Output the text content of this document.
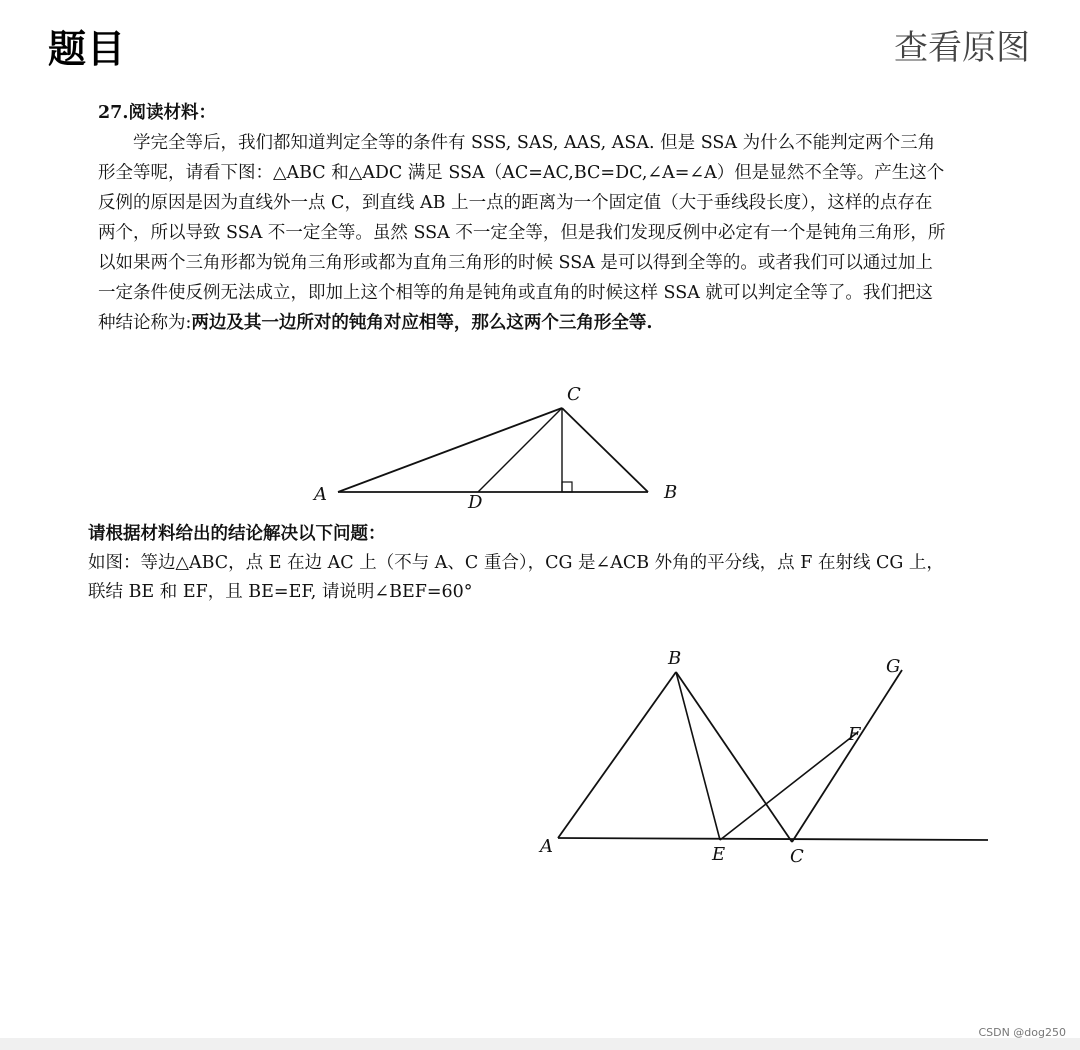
题目	查看原图

27.阅读材料：

学完全等后，我们都知道判定全等的条件有 SSS, SAS, AAS, ASA. 但是 SSA 为什么不能判定两个三角形全等呢，请看下图：△ABC 和△ADC 满足 SSA（AC=AC,BC=DC,∠A=∠A）但是显然不全等。产生这个反例的原因是因为直线外一点 C，到直线 AB 上一点的距离为一个固定值（大于垂线段长度），这样的点存在两个，所以导致 SSA 不一定全等。虽然 SSA 不一定全等，但是我们发现反例中必定有一个是钝角三角形，所以如果两个三角形都为锐角三角形或都为直角三角形的时候 SSA 是可以得到全等的。或者我们可以通过加上一定条件使反例无法成立，即加上这个相等的角是钝角或直角的时候这样 SSA 就可以判定全等了。我们把这种结论称为:两边及其一边所对的钝角对应相等，那么这两个三角形全等.

A	D	B
C

请根据材料给出的结论解决以下问题：

如图：等边△ABC，点 E 在边 AC 上（不与 A、C 重合），CG 是∠ACB 外角的平分线，点 F 在射线 CG 上，联结 BE 和 EF，且 BE=EF, 请说明∠BEF=60°

A
B
E	C
F
G
CSDN @dog250
